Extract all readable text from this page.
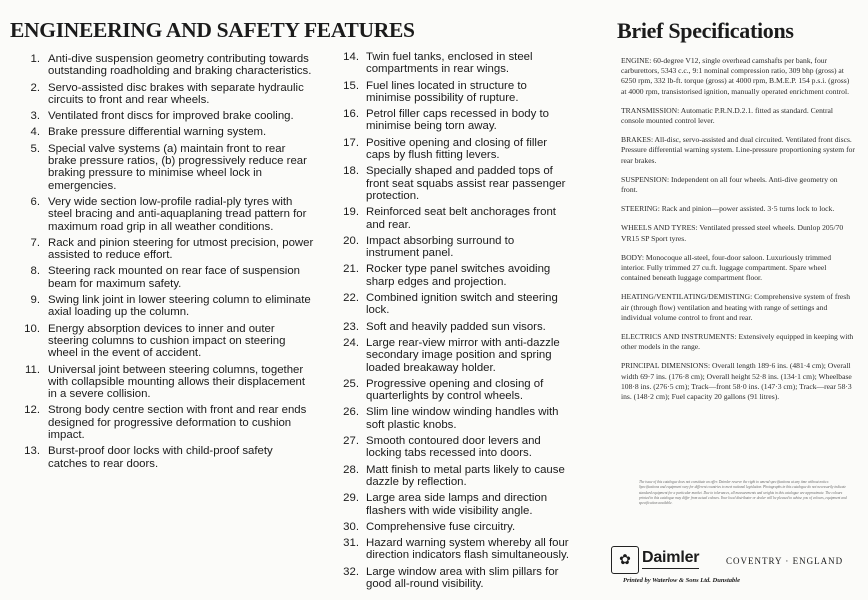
ENGINEERING AND SAFETY FEATURES	Brief Specifications
1. Anti-dive suspension geometry contributing towards outstanding roadholding and braking characteristics.
2. Servo-assisted disc brakes with separate hydraulic circuits to front and rear wheels.
3. Ventilated front discs for improved brake cooling.
4. Brake pressure differential warning system.
5. Special valve systems (a) maintain front to rear brake pressure ratios, (b) progressively reduce rear braking pressure to minimise wheel lock in emergencies.
6. Very wide section low-profile radial-ply tyres with steel bracing and anti-aquaplaning tread pattern for maximum road grip in all weather conditions.
7. Rack and pinion steering for utmost precision, power assisted to reduce effort.
8. Steering rack mounted on rear face of suspension beam for maximum safety.
9. Swing link joint in lower steering column to eliminate axial loading up the column.
10. Energy absorption devices to inner and outer steering columns to cushion impact on steering wheel in the event of accident.
11. Universal joint between steering columns, together with collapsible mounting allows their displacement in a severe collision.
12. Strong body centre section with front and rear ends designed for progressive deformation to cushion impact.
13. Burst-proof door locks with child-proof safety catches to rear doors.
14. Twin fuel tanks, enclosed in steel compartments in rear wings.
15. Fuel lines located in structure to minimise possibility of rupture.
16. Petrol filler caps recessed in body to minimise being torn away.
17. Positive opening and closing of filler caps by flush fitting levers.
18. Specially shaped and padded tops of front seat squabs assist rear passenger protection.
19. Reinforced seat belt anchorages front and rear.
20. Impact absorbing surround to instrument panel.
21. Rocker type panel switches avoiding sharp edges and projection.
22. Combined ignition switch and steering lock.
23. Soft and heavily padded sun visors.
24. Large rear-view mirror with anti-dazzle secondary image position and spring loaded breakaway holder.
25. Progressive opening and closing of quarterlights by control wheels.
26. Slim line window winding handles with soft plastic knobs.
27. Smooth contoured door levers and locking tabs recessed into doors.
28. Matt finish to metal parts likely to cause dazzle by reflection.
29. Large area side lamps and direction flashers with wide visibility angle.
30. Comprehensive fuse circuitry.
31. Hazard warning system whereby all four direction indicators flash simultaneously.
32. Large window area with slim pillars for good all-round visibility.
ENGINE: 60-degree V12, single overhead camshafts per bank, four carburettors, 5343 c.c., 9:1 nominal compression ratio, 309 bhp (gross) at 6250 rpm, 332 lb-ft. torque (gross) at 4000 rpm, B.M.E.P. 154 p.s.i. (gross) at 4000 rpm, transistorised ignition, manually operated enrichment control.
TRANSMISSION: Automatic P.R.N.D.2.1. fitted as standard. Central console mounted control lever.
BRAKES: All-disc, servo-assisted and dual circuited. Ventilated front discs. Pressure differential warning system. Line-pressure proportioning system for rear brakes.
SUSPENSION: Independent on all four wheels. Anti-dive geometry on front.
STEERING: Rack and pinion—power assisted. 3·5 turns lock to lock.
WHEELS AND TYRES: Ventilated pressed steel wheels. Dunlop 205/70 VR15 SP Sport tyres.
BODY: Monocoque all-steel, four-door saloon. Luxuriously trimmed interior. Fully trimmed 27 cu.ft. luggage compartment. Spare wheel contained beneath luggage compartment floor.
HEATING/VENTILATING/DEMISTING: Comprehensive system of fresh air (through flow) ventilation and heating with range of settings and individual volume control to front and rear.
ELECTRICS AND INSTRUMENTS: Extensively equipped in keeping with other models in the range.
PRINCIPAL DIMENSIONS: Overall length 189·6 ins. (481·4 cm); Overall width 69·7 ins. (176·8 cm); Overall height 52·8 ins. (134·1 cm); Wheelbase 108·8 ins. (276·5 cm); Track—front 58·0 ins. (147·3 cm); Track—rear 58·3 ins. (148·2 cm); Fuel capacity 20 gallons (91 litres).
The issue of this catalogue does not constitute an offer. Daimler reserve the right to amend specifications at any time without notice. Specifications and equipment vary for different countries to meet national legislation. Photographs in this catalogue do not necessarily indicate standard equipment for a particular market. Due to tolerances, all measurements and weights in this catalogue are approximate. The colours printed in this catalogue may differ from actual colours. Your local distributor or dealer will be pleased to advise you of colours, equipment and specification available.
✿ Daimler	COVENTRY · ENGLAND
Printed by Waterlow & Sons Ltd. Dunstable
